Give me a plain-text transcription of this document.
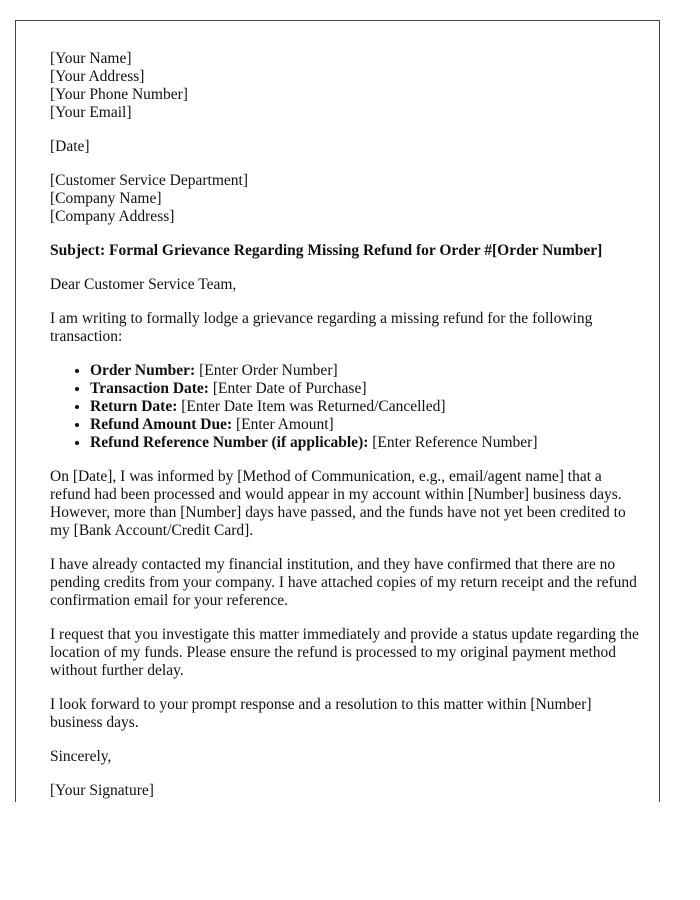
[Your Name]
[Your Address]
[Your Phone Number]
[Your Email]

[Date]

[Customer Service Department]
[Company Name]
[Company Address]

Subject: Formal Grievance Regarding Missing Refund for Order #[Order Number]

Dear Customer Service Team,

I am writing to formally lodge a grievance regarding a missing refund for the following transaction:

• Order Number: [Enter Order Number]
• Transaction Date: [Enter Date of Purchase]
• Return Date: [Enter Date Item was Returned/Cancelled]
• Refund Amount Due: [Enter Amount]
• Refund Reference Number (if applicable): [Enter Reference Number]

On [Date], I was informed by [Method of Communication, e.g., email/agent name] that a refund had been processed and would appear in my account within [Number] business days. However, more than [Number] days have passed, and the funds have not yet been credited to my [Bank Account/Credit Card].

I have already contacted my financial institution, and they have confirmed that there are no pending credits from your company. I have attached copies of my return receipt and the refund confirmation email for your reference.

I request that you investigate this matter immediately and provide a status update regarding the location of my funds. Please ensure the refund is processed to my original payment method without further delay.

I look forward to your prompt response and a resolution to this matter within [Number] business days.

Sincerely,

[Your Signature]
